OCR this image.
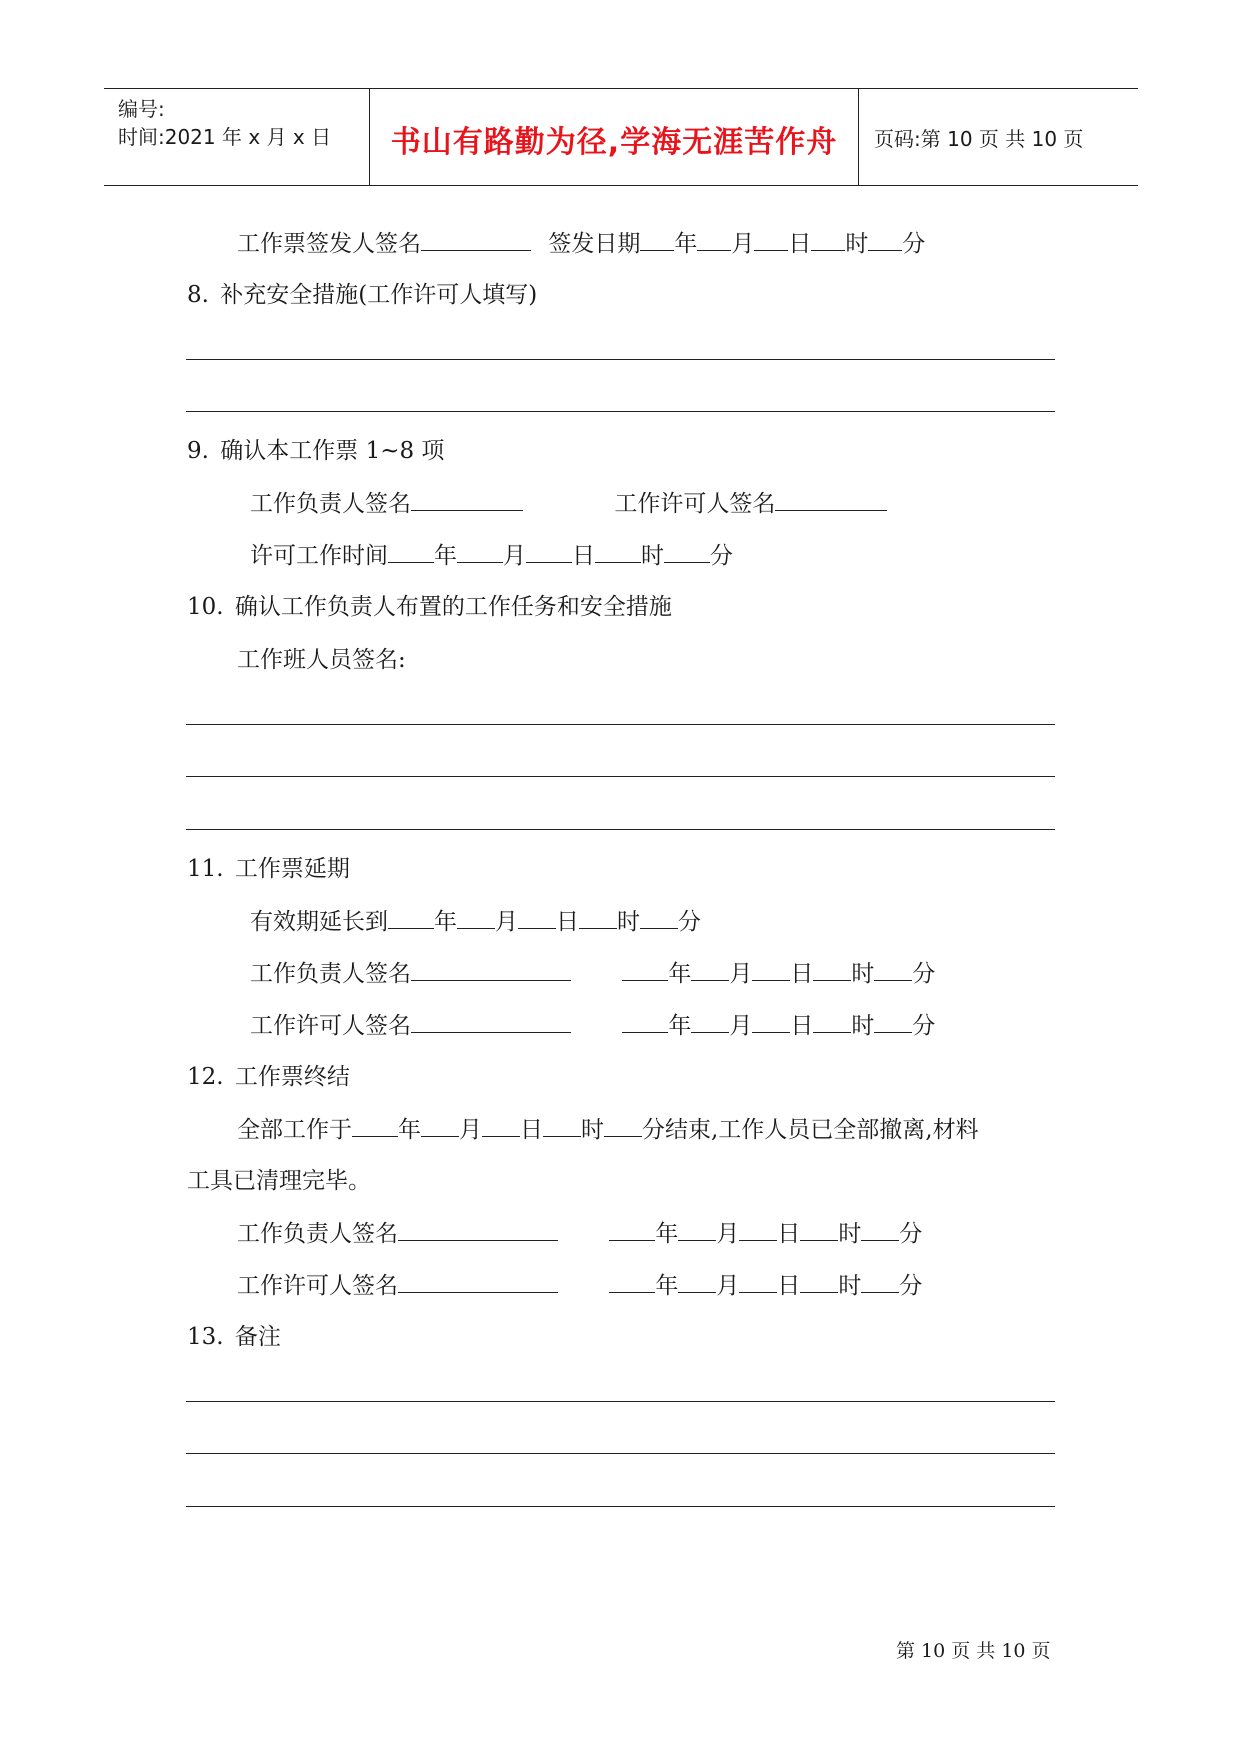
编号:
时间:2021 年 x 月 x 日	书山有路勤为径,学海无涯苦作舟	页码:第 10 页 共 10 页
工作票签发人签名	签发日期 年 月 日 时 分
8. 补充安全措施(工作许可人填写)
9. 确认本工作票 1~8 项
工作负责人签名	工作许可人签名
许可工作时间 年 月 日 时 分
10. 确认工作负责人布置的工作任务和安全措施
工作班人员签名:
11. 工作票延期
有效期延长到 年 月 日 时 分
工作负责人签名	年 月 日 时 分
工作许可人签名	年 月 日 时 分
12. 工作票终结
全部工作于 年 月 日 时 分结束,工作人员已全部撤离,材料
工具已清理完毕。
工作负责人签名	年 月 日 时 分
工作许可人签名	年 月 日 时 分
13. 备注
第 10 页 共 10 页
